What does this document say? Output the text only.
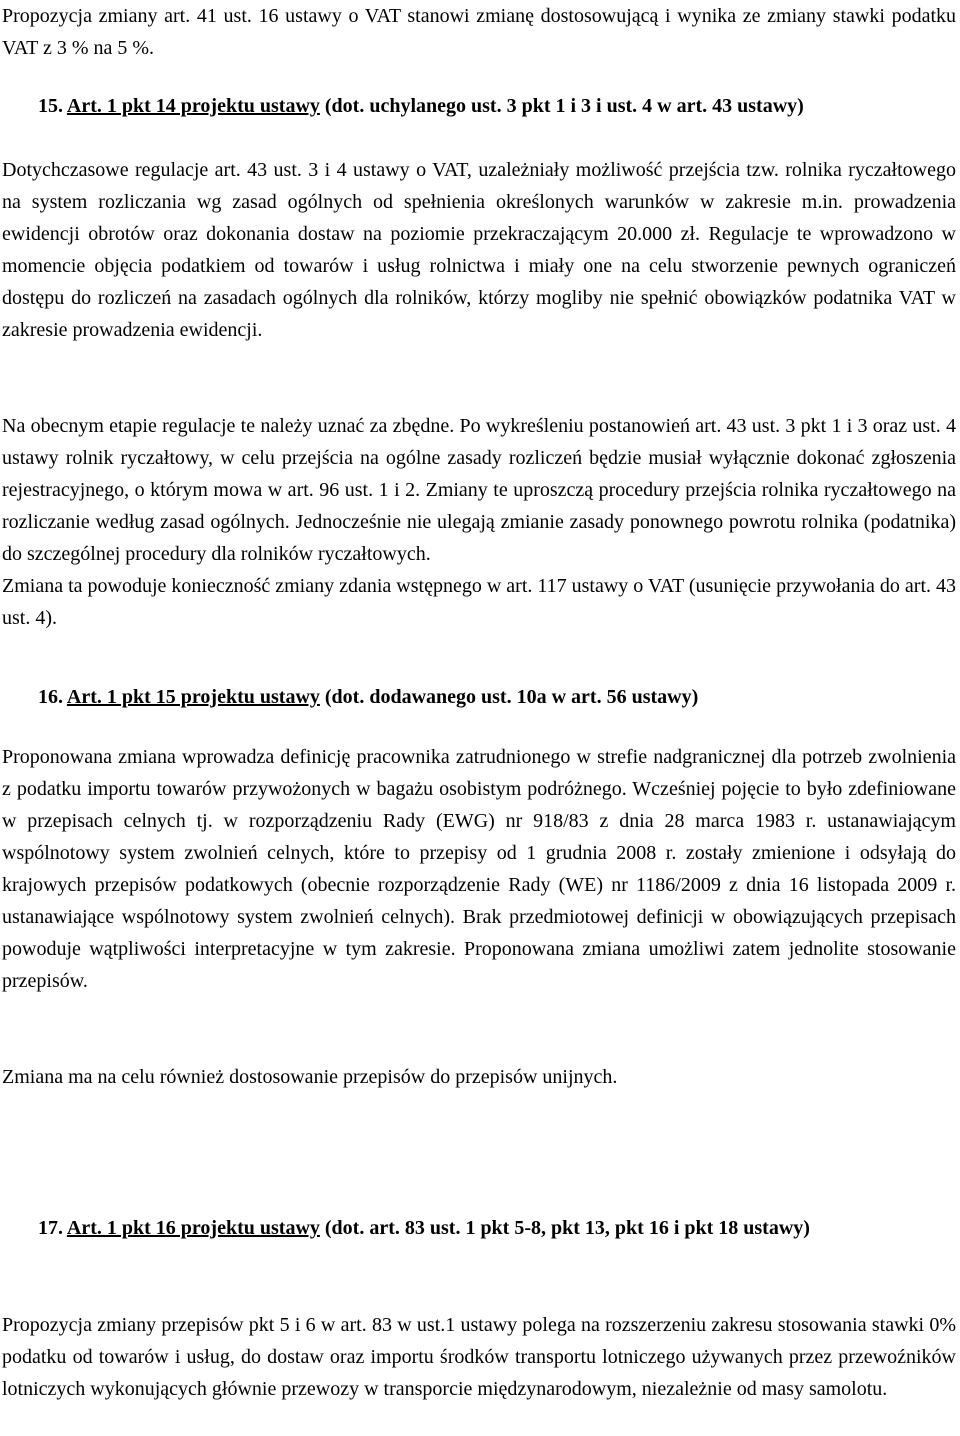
Propozycja zmiany art. 41 ust. 16 ustawy o VAT stanowi zmianę dostosowującą i wynika ze zmiany stawki podatku VAT z 3 % na 5 %.
15. Art. 1 pkt 14 projektu ustawy (dot. uchylanego ust. 3 pkt 1 i 3 i ust. 4 w art. 43 ustawy)
Dotychczasowe regulacje art. 43 ust. 3 i 4 ustawy o VAT, uzależniały możliwość przejścia tzw. rolnika ryczałtowego na system rozliczania wg zasad ogólnych od spełnienia określonych warunków w zakresie m.in. prowadzenia ewidencji obrotów oraz dokonania dostaw na poziomie przekraczającym 20.000 zł. Regulacje te wprowadzono w momencie objęcia podatkiem od towarów i usług rolnictwa i miały one na celu stworzenie pewnych ograniczeń dostępu do rozliczeń na zasadach ogólnych dla rolników, którzy mogliby nie spełnić obowiązków podatnika VAT w zakresie prowadzenia ewidencji.
Na obecnym etapie regulacje te należy uznać za zbędne. Po wykreśleniu postanowień art. 43 ust. 3 pkt 1 i 3 oraz ust. 4 ustawy rolnik ryczałtowy, w celu przejścia na ogólne zasady rozliczeń będzie musiał wyłącznie dokonać zgłoszenia rejestracyjnego, o którym mowa w art. 96 ust. 1 i 2. Zmiany te uproszczą procedury przejścia rolnika ryczałtowego na rozliczanie według zasad ogólnych. Jednocześnie nie ulegają zmianie zasady ponownego powrotu rolnika (podatnika) do szczególnej procedury dla rolników ryczałtowych.
Zmiana ta powoduje konieczność zmiany zdania wstępnego w art. 117 ustawy o VAT (usunięcie przywołania do art. 43 ust. 4).
16. Art. 1 pkt 15 projektu ustawy (dot. dodawanego ust. 10a w art. 56 ustawy)
Proponowana zmiana wprowadza definicję pracownika zatrudnionego w strefie nadgranicznej dla potrzeb zwolnienia z podatku importu towarów przywożonych w bagażu osobistym podróżnego. Wcześniej pojęcie to było zdefiniowane w przepisach celnych tj. w rozporządzeniu Rady (EWG) nr 918/83 z dnia 28 marca 1983 r. ustanawiającym wspólnotowy system zwolnień celnych, które to przepisy od 1 grudnia 2008 r. zostały zmienione i odsyłają do krajowych przepisów podatkowych (obecnie rozporządzenie Rady (WE) nr 1186/2009 z dnia 16 listopada 2009 r. ustanawiające wspólnotowy system zwolnień celnych). Brak przedmiotowej definicji w obowiązujących przepisach powoduje wątpliwości interpretacyjne w tym zakresie. Proponowana zmiana umożliwi zatem jednolite stosowanie przepisów.
Zmiana ma na celu również dostosowanie przepisów do przepisów unijnych.
17. Art. 1 pkt 16 projektu ustawy (dot. art. 83 ust. 1 pkt 5-8, pkt 13, pkt 16 i pkt 18 ustawy)
Propozycja zmiany przepisów pkt 5 i 6 w art. 83 w ust.1 ustawy polega na rozszerzeniu zakresu stosowania stawki 0% podatku od towarów i usług, do dostaw oraz importu środków transportu lotniczego używanych przez przewoźników lotniczych wykonujących głównie przewozy w transporcie międzynarodowym, niezależnie od masy samolotu.
